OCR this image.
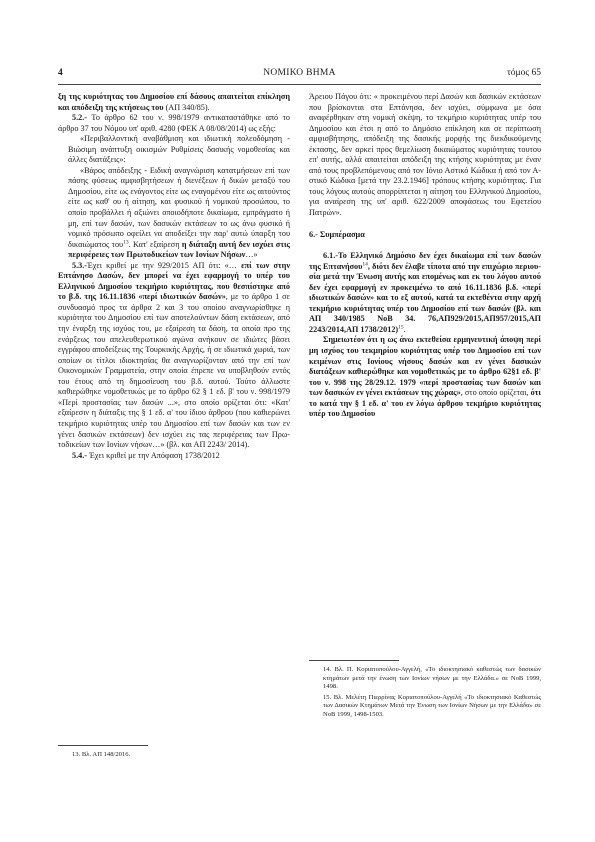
4	ΝΟΜΙΚΟ ΒΗΜΑ	τόμος 65

ξη της κυριότητας του Δημοσίου επί δάσους απαιτείται επίκληση και απόδειξη της κτήσεως του (ΑΠ 340/85).

5.2.- Το άρθρο 62 του ν. 998/1979 αντικαταστάθηκε από το άρθρο 37 του Νόμου υπ' αριθ. 4280 (ΦΕΚ Α 08/08/2014) ως εξής:

«Περιβαλλοντική αναβάθμιση και ιδιωτική πολεοδόμηση - Βιώσιμη ανάπτυξη οικισμών Ρυθμίσεις δασικής νομοθεσίας και άλλες διατάξεις»:

«Βάρος απόδειξης - Ειδική αναγνώριση κατατμήσεων επί των πάσης φύσεως αμφισβητήσεων ή διενέξεων ή δικών μεταξύ του Δημοσίου, είτε ως ενάγοντος είτε ως εναγομένου είτε ως αιτούντος είτε ως καθ' ου ή αίτηση, και φυσικού ή νομικού προσώπου, το οποίο προβάλλει ή αξιώνει οποιοδήποτε δικαίωμα, εμπράγματο ή μη, επί των δασών, των δασικών εκτάσεων το ως άνω φυσικό ή νομικό πρόσωπο οφείλει να αποδείξει την παρ' αυτώ ύπαρξη του δικαιώματος του$^{13}$. Κατ' εξαίρεση η διάταξη αυτή δεν ισχύει στις περιφέρειες των Πρωτοδικείων των Ιονίων Νήσων…»

5.3.-Έχει κριθεί με την 929/2015 ΑΠ ότι: «… επί των στην Επτάνησο Δασών, δεν μπορεί να έχει εφαρμογή το υπέρ του Ελληνικού Δημοσίου τεκμήριο κυριότητας, που θεσπίστηκε από το β.δ. της 16.11.1836 «περί ιδιωτικών δασών», με το άρθρο 1 σε συνδυασμό προς τα άρθρα 2 και 3 του οποίου αναγνωρίσθηκε η κυριότητα του Δημοσίου επί των αποτελούντων δάση εκτάσεων, από την έναρξη της ισχύος του, με εξαίρεση τα δάση, τα οποία προ της ενάρξεως του απελευθερωτικού αγώνα ανήκουν σε ιδιώτες βάσει εγγράφου αποδείξεως της Τουρκικής Αρχής, ή σε ιδιωτικά χωριά, των οποίων οι τίτλοι ιδιοκτησίας θα αναγνωρίζονταν από την επί των Οικονομικών Γραμματεία, στην οποία έπρεπε να υποβληθούν εντός του έτους από τη δημοσίευση του β.δ. αυτού. Τούτο άλλωστε καθιερώθηκε νομοθετικώς με το άρθρο 62 § 1 εδ. β' του ν. 998/1979 «Περί προστασίας των δασών ...», στο οποίο ορίζεται ότι: «Κατ' εξαίρεσιν η διάταξις της § 1 εδ. α' του ίδιου άρθρου (που καθιερώνει τεκμήριο κυριότητας υπέρ του Δημοσίου επί των δασών και των εν γένει δασικών εκτάσεων) δεν ισχύει εις τας περιφέρειας των Πρωτοδικείων των Ιονίων νήσων…» (βλ. και ΑΠ 2243/ 2014).

5.4.- Έχει κριθεί με την Απόφαση 1738/2012

Άρειου Πάγου ότι: « προκειμένου περί Δασών και δασικών εκτάσεων που βρίσκονται στα Επτάνησα, δεν ισχύει, σύμφωνα με όσα αναφέρθηκαν στη νομική σκέψη, το τεκμήριο κυριότητας υπέρ του Δημοσίου και έτσι η από το Δημόσιο επίκληση και σε περίπτωση αμφισβήτησης, απόδειξη της δασικής μορφής της διεκδικούμενης έκτασης, δεν αρκεί προς θεμελίωση δικαιώματος κυριότητας τουτου επ' αυτής, αλλά απαιτείται απόδειξη της κτήσης κυριότητας με έναν από τους προβλεπόμενους από τον Ιόνιο Αστικό Κώδικα ή από τον Αστικό Κώδικα [μετά την 23.2.1946] τρόπους κτήσης κυριότητας. Για τους λόγους αυτούς απορρίπτεται η αίτηση του Ελληνικού Δημοσίου, για αναίρεση της υπ' αριθ. 622/2009 αποφάσεως του Εφετείου Πατρών».

6.- Συμπέρασμα

6.1.-Το Ελληνικό Δημόσιο δεν έχει δικαίωμα επί των δασών της Επτανήσου$^{14}$, διότι δεν έλαβε τίποτα από την επιχώριο περιουσία μετά την Ένωση αυτής και επομένως και εκ του λόγου αυτού δεν έχει εφαρμογή εν προκειμένω το από 16.11.1836 β.δ. «περί ιδιωτικών δασών» και το εξ αυτού, κατά τα εκτεθέντα στην αρχή τεκμήριο κυριότητας υπέρ του Δημοσίου επί των δασών (βλ. και ΑΠ 340/1985 ΝοΒ 34. 76,ΑΠ929/2015,ΑΠ957/2015,ΑΠ 2243/2014,ΑΠ 1738/2012)$^{15}$.

Σημειωτέον ότι η ως άνω εκτεθείσα ερμηνευτική άποψη περί μη ισχύος του τεκμηρίου κυριότητας υπέρ του Δημοσίου επί των κειμένων στις Ιονίους νήσους δασών και εν γένει δασικών διατάξεων καθιερώθηκε και νομοθετικώς με το άρθρο 62§1 εδ. β' του ν. 998 της 28/29.12. 1979 «περί προστασίας των δασών και των δασικών εν γένει εκτάσεων της χώρας», στο οποίο ορίζεται, ότι το κατά την § 1 εδ. α' του εν λόγω άρθρου τεκμήριο κυριότητας υπέρ του Δημοσίου

13. Βλ. ΑΠ 148/2016.

14. Βλ. Π. Κοριατοπούλου-Αγγελή, «Το ιδιοκτησιακό καθεστώς των δασικών κτημάτων μετά την ένωση των Ιονίων νήσων με την Ελλάδα.» σε ΝοΒ 1999, 1498.

15. Βλ. Μελέτη Πιερρίνας Κοριατοπούλου-Αγγελή «Το ιδιοκτησιακό Καθεστώς των Δασικών Κτημάτων Μετά την Ένωση των Ιονίων Νήσων με την Ελλάδα» σε ΝοΒ 1999, 1498-1503.
